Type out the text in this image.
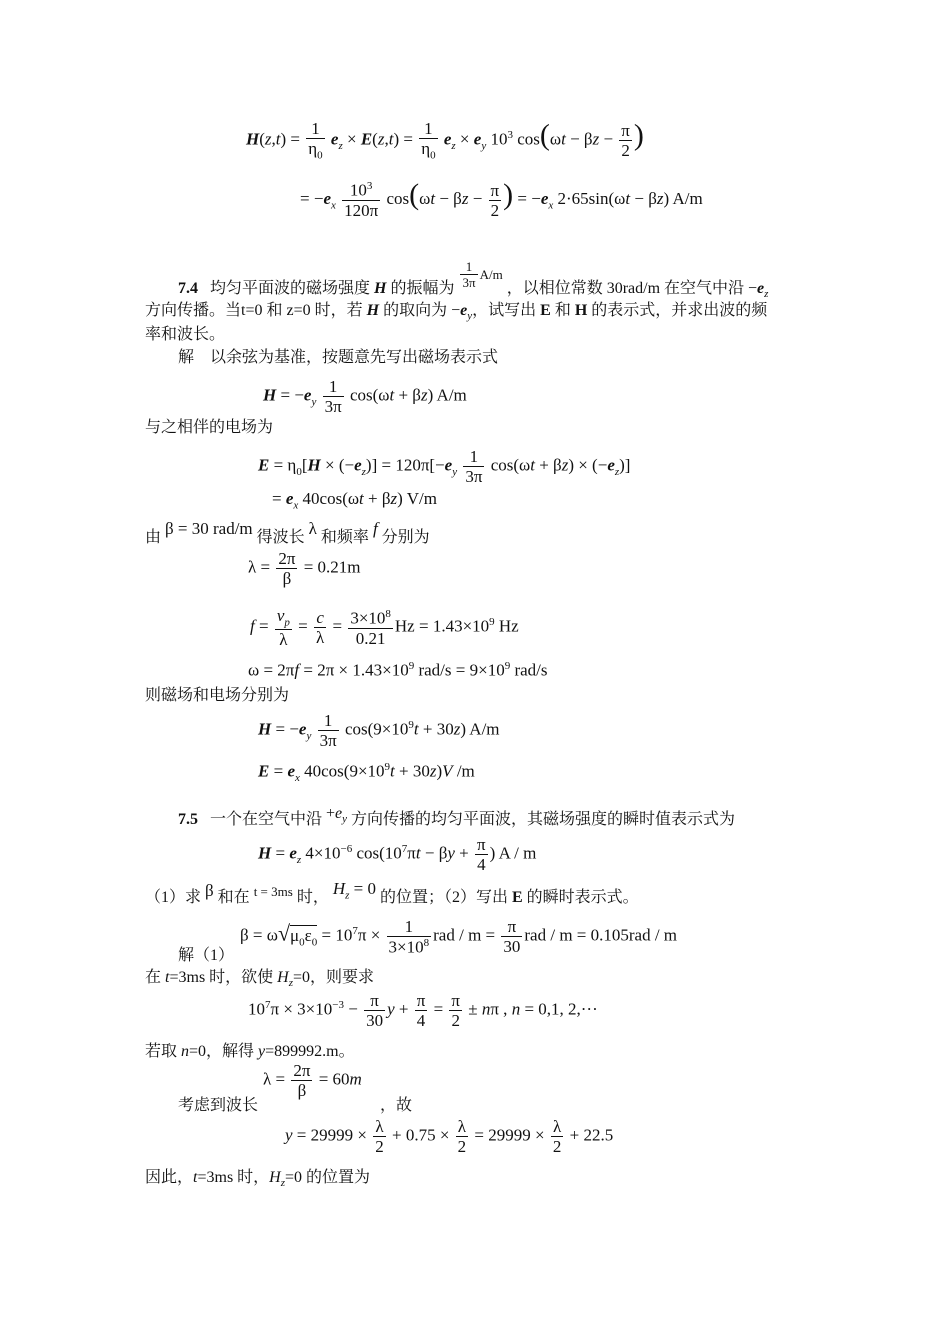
$H(z,t) = \frac{1}{\eta_0} e_z \times E(z,t) = \frac{1}{\eta_0} e_z \times e_y$ $10^3$ $\cos(\omega t - \beta z - \frac{\pi}{2}$ )
= $-e_x \frac{10^3}{120\pi} \cos(\omega t - \beta z - \frac{\pi}{2}$ ) = $-e_x$ 2·65sin(ωt − βz) A/m
7.4 均匀平面波的磁场强度 H 的振幅为 $\frac{1}{3\pi} ^{A/m}$ ，以相位常数 30rad/m 在空气中沿 $-e_z$
方向传播。当t=0 和 z=0 时，若 H 的取向为 $-e_y$，试写出 E 和 H 的表示式，并求出波的频
率和波长。
解　以余弦为基准，按题意先写出磁场表示式
$H = -e_y \frac{1}{3\pi} \cos(\omega t + \beta z)$ A/m
与之相伴的电场为
$E = \eta_0[H \times (-e_z)] = 120\pi[-e_y \frac{1}{3\pi} \cos(\omega t + \beta z) \times (-e_z)]$
= $e_x$ 40cos(ωt + βz) V/m
由 β = 30 rad/m 得波长 λ 和频率 f 分别为
$\lambda = \frac{2\pi}{\beta} = 0.21m$
$f = \frac{v_p}{\lambda} = \frac{c}{\lambda} = \frac{3\times 10^8}{0.21}$ $Hz = 1.43\times 10^9$ Hz
$\omega = 2\pi f = 2\pi \times 1.43\times 10^9$ $rad/s = 9\times 10^9$ rad/s
则磁场和电场分别为
$H = -e_y \frac{1}{3\pi} \cos(9\times 10^9t + 30z)$ A/m
$E = e_x$ $40\cos(9\times 10^9t + 30z)V$ /m
7.5 一个在空气中沿 $+e_y$ 方向传播的均匀平面波，其磁场强度的瞬时值表示式为
$H = e_z$ $4\times 10^{-6}$ $\cos(10^7\pi t - \beta y + \frac{\pi}{4}$ ) A / m
（1）求 β 和在 $^{t = 3ms}$ 时， $H_z = 0$ 的位置；（2）写出 E 的瞬时表示式。
$\beta = \omega√\mu_0\varepsilon_0 = 10^7\pi \times \frac{1}{3\times 10^8}$ rad / $m = \frac{\pi}{30}$ rad / m = 0.105rad / m
解（1）
在 t=3ms 时，欲使 $H_z=0$，则要求
$10^7\pi \times 3\times 10^{-3} - \frac{\pi}{30}$ $y + \frac{\pi}{4} = \frac{\pi}{2} \pm n\pi$ , n = 0,1, 2,···
若取 n=0，解得 y=899992.m。
$\lambda = \frac{2\pi}{\beta} = 60m$
考虑到波长	，故
$y = 29999 \times \frac{\lambda}{2} + 0.75 \times \frac{\lambda}{2} = 29999 \times \frac{\lambda}{2} + 22.5$
因此，t=3ms 时，$H_z=0$ 的位置为
